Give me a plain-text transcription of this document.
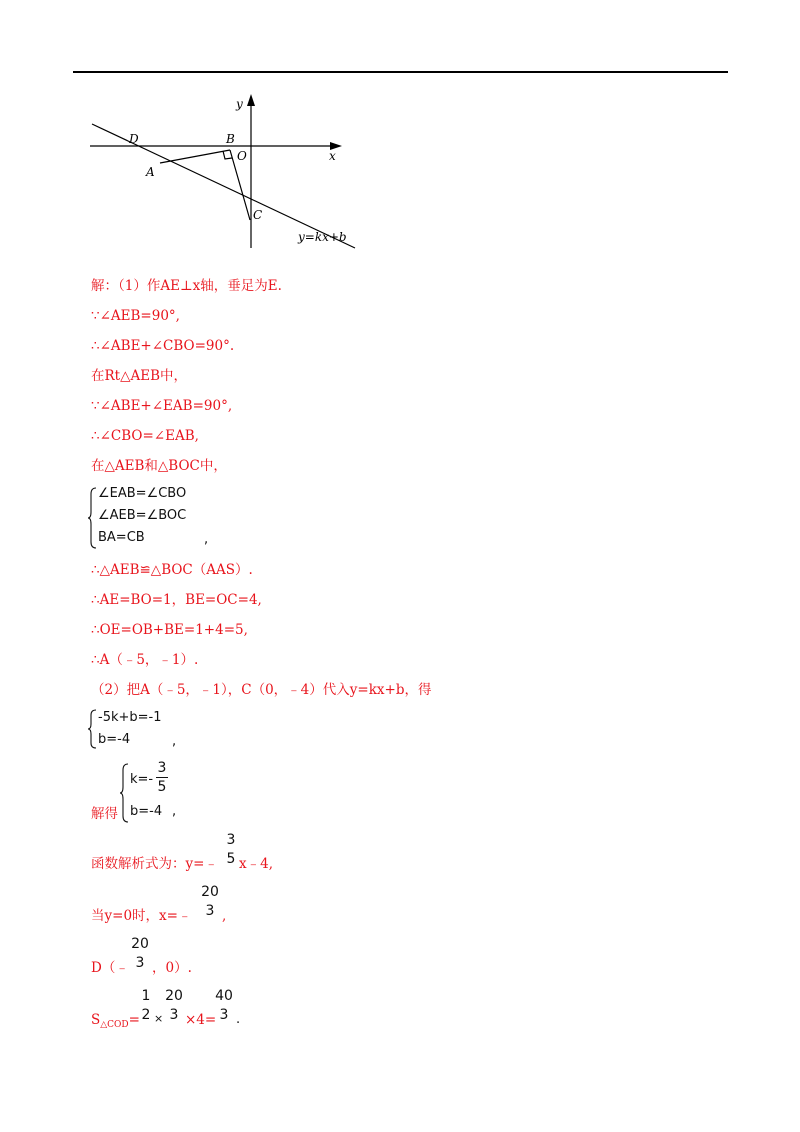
y
x
D	B
O
A
C
y=kx+b
解：（1）作AE⊥x轴，垂足为E.
∵∠AEB=90°,
∴∠ABE+∠CBO=90°.
在Rt△AEB中，
∵∠ABE+∠EAB=90°,
∴∠CBO=∠EAB,
在△AEB和△BOC中，
∠EAB=∠CBO
∠AEB=∠BOC
BA=CB	,
∴△AEB≌△BOC（AAS）.
∴AE=BO=1，BE=OC=4,
∴OE=OB+BE=1+4=5,
∴A（﹣5，﹣1）.
（2）把A（﹣5，﹣1），C（0，﹣4）代入y=kx+b，得
-5k+b=-1
b=-4	,
解得
k=-
3
5
b=-4 ,
函数解析式为：y=﹣
3
5 x﹣4,
当y=0时，x=﹣
20
3 ,
D（﹣
20
3 ，0）.
$S_{\triangle COD}=$
1
2 ×
20
3 ×4=
40
3 .
